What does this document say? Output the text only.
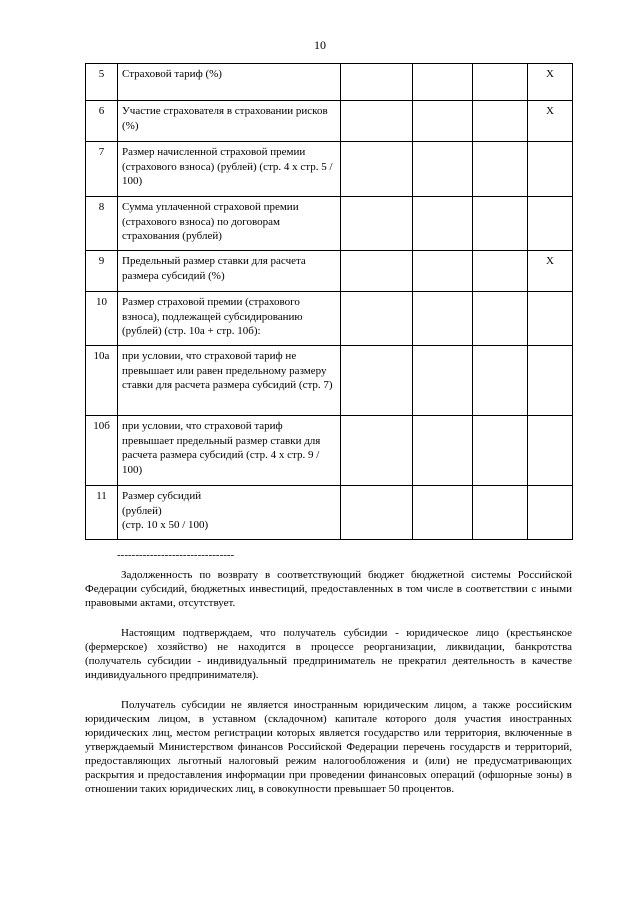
10
5	Страховой тариф (%)				X
6	Участие страхователя в страховании рисков (%)				X
7	Размер начисленной страховой премии (страхового взноса) (рублей) (стр. 4 x стр. 5 / 100)				
8	Сумма уплаченной страховой премии (страхового взноса) по договорам страхования (рублей)				
9	Предельный размер ставки для расчета размера субсидий (%)				X
10	Размер страховой премии (страхового взноса), подлежащей субсидированию (рублей) (стр. 10а + стр. 10б):				
10а	при условии, что страховой тариф не превышает или равен предельному размеру ставки для расчета размера субсидий (стр. 7)				
10б	при условии, что страховой тариф превышает предельный размер ставки для расчета размера субсидий (стр. 4 x стр. 9 / 100)				
11	Размер субсидий
(рублей)
(стр. 10 x 50 / 100)				
--------------------------------

Задолженность по возврату в соответствующий бюджет бюджетной системы Российской Федерации субсидий, бюджетных инвестиций, предоставленных в том числе в соответствии с иными правовыми актами, отсутствует.

Настоящим подтверждаем, что получатель субсидии - юридическое лицо (крестьянское (фермерское) хозяйство) не находится в процессе реорганизации, ликвидации, банкротства (получатель субсидии - индивидуальный предприниматель не прекратил деятельность в качестве индивидуального предпринимателя).

Получатель субсидии не является иностранным юридическим лицом, а также российским юридическим лицом, в уставном (складочном) капитале которого доля участия иностранных юридических лиц, местом регистрации которых является государство или территория, включенные в утверждаемый Министерством финансов Российской Федерации перечень государств и территорий, предоставляющих льготный налоговый режим налогообложения и (или) не предусматривающих раскрытия и предоставления информации при проведении финансовых операций (офшорные зоны) в отношении таких юридических лиц, в совокупности превышает 50 процентов.
